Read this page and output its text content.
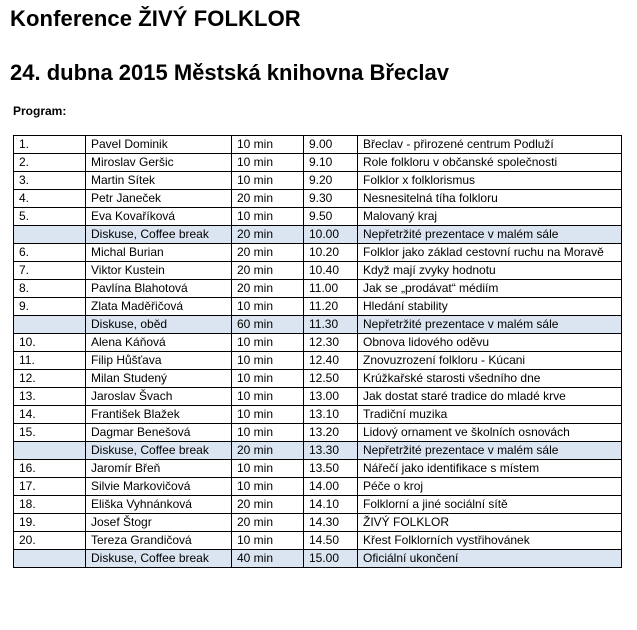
Konference ŽIVÝ FOLKLOR
24. dubna 2015 Městská knihovna Břeclav
Program:
1.	Pavel Dominik	10 min	9.00	Břeclav - přirozené centrum Podluží
2.	Miroslav Geršic	10 min	9.10	Role folkloru v občanské společnosti
3.	Martin Sítek	10 min	9.20	Folklor x folklorismus
4.	Petr Janeček	20 min	9.30	Nesnesitelná tíha folkloru
5.	Eva Kovaříková	10 min	9.50	Malovaný kraj
	Diskuse, Coffee break	20 min	10.00	Nepřetržité prezentace v malém sále
6.	Michal Burian	20 min	10.20	Folklor jako základ cestovní ruchu na Moravě
7.	Viktor Kustein	20 min	10.40	Když mají zvyky hodnotu
8.	Pavlína Blahotová	20 min	11.00	Jak se „prodávat“ médiím
9.	Zlata Maděřičová	10 min	11.20	Hledání stability
	Diskuse, oběd	60 min	11.30	Nepřetržité prezentace v malém sále
10.	Alena Káňová	10 min	12.30	Obnova lidového oděvu
11.	Filip Hůšťava	10 min	12.40	Znovuzrození folkloru - Kúcani
12.	Milan Studený	10 min	12.50	Krúžkařské starosti všedního dne
13.	Jaroslav Švach	10 min	13.00	Jak dostat staré tradice do mladé krve
14.	František Blažek	10 min	13.10	Tradiční muzika
15.	Dagmar Benešová	10 min	13.20	Lidový ornament ve školních osnovách
	Diskuse, Coffee break	20 min	13.30	Nepřetržité prezentace v malém sále
16.	Jaromír Břeň	10 min	13.50	Nářečí jako identifikace s místem
17.	Silvie Markovičová	10 min	14.00	Péče o kroj
18.	Eliška Vyhnánková	20 min	14.10	Folklorní a jiné sociální sítě
19.	Josef Štogr	20 min	14.30	ŽIVÝ FOLKLOR
20.	Tereza Grandičová	10 min	14.50	Křest Folklorních vystřihovánek
	Diskuse, Coffee break	40 min	15.00	Oficiální ukončení
